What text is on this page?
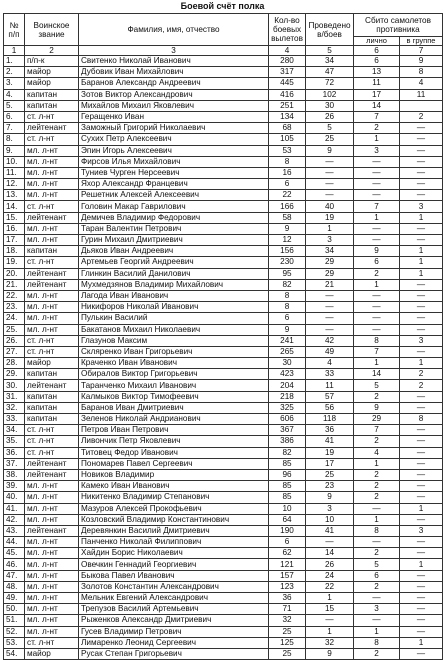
Боевой счёт полка
№ п/п	Воинское звание	Фамилия, имя, отчество	Кол-во боевых вылетов	Проведено в/боев	Сбито самолетов противника	
					лично	в группе
1	2	3	4	5	6	7
1.	п/п-к	Свитенко Николай Иванович	280	34	6	9
2.	майор	Дубовик Иван Михайлович	317	47	13	8
3.	майор	Баранов Александр Андреевич	445	72	11	4
4.	капитан	Зотов Виктор Александрович	416	102	17	11
5.	капитан	Михайлов Михаил Яковлевич	251	30	14	
6.	ст. л-нт	Геращенко Иван	134	26	7	2
7.	лейтенант	Заможный Григорий Николаевич	68	5	2	—
8.	ст. л-нт	Сухих Петр Алексеевич	105	25	1	—
9.	мл. л-нт	Эпин Игорь Алексеевич	53	9	3	—
10.	мл. л-нт	Фирсов Илья Михайлович	8	—	—	—
11.	мл. л-нт	Туниев Чурген Нерсеевич	16	—	—	—
12.	мл. л-нт	Яхор Александр Францевич	6	—	—	—
13.	мл. л-нт	Решетник Алексей Алексеевич	22	—	—	—
14.	ст. л-нт	Головин Макар Гаврилович	166	40	7	3
15.	лейтенант	Демичев Владимир Федорович	58	19	1	1
16.	мл. л-нт	Таран Валентин Петрович	9	1	—	—
17.	мл. л-нт	Гурин Михаил Дмитриевич	12	3	—	—
18.	капитан	Дьяков Иван Андреевич	156	34	9	1
19.	ст. л-нт	Артемьев Георгий Андреевич	230	29	6	1
20.	лейтенант	Глинкин Василий Данилович	95	29	2	1
21.	лейтенант	Мухмедзянов Владимир Михайлович	82	21	1	—
22.	мл. л-нт	Лагода Иван Иванович	8	—	—	—
23.	мл. л-нт	Никифоров Николай Иванович	8	—	—	—
24.	мл. л-нт	Пулькин Василий	6	—	—	—
25.	мл. л-нт	Бакатанов Михаил Николаевич	9	—	—	—
26.	ст. л-нт	Глазунов Максим	241	42	8	3
27.	ст. л-нт	Скляренко Иван Григорьевич	265	49	7	—
28.	майор	Краченко Иван Иванович	30	4	1	1
29.	капитан	Обиралов Виктор Григорьевич	423	33	14	2
30.	лейтенант	Таранченко Михаил Иванович	204	11	5	2
31.	капитан	Калмыков Виктор Тимофеевич	218	57	2	—
32.	капитан	Баранов Иван Дмитриевич	325	56	9	—
33.	капитан	Зеленов Николай Андрианович	606	118	29	8
34.	ст. л-нт	Петров Иван Петрович	367	36	7	—
35.	ст. л-нт	Ливончик Петр Яковлевич	386	41	2	—
36.	ст. л-нт	Титовец Федор Иванович	82	19	4	—
37.	лейтенант	Пономарев Павел Сергеевич	85	17	1	—
38.	лейтенант	Новиков Владимир	96	25	2	—
39.	мл. л-нт	Камеко Иван Иванович	85	23	2	—
40.	мл. л-нт	Никитенко Владимир Степанович	85	9	2	—
41.	мл. л-нт	Мазуров Алексей Прокофьевич	10	3	—	1
42.	мл. л-нт	Козловский Владимир Константинович	64	10	1	—
43.	лейтенант	Деревянкин Василий Дмитриевич	190	41	8	3
44.	мл. л-нт	Панченко Николай Филиппович	6	—	—	—
45.	мл. л-нт	Хайдин Борис Николаевич	62	14	2	—
46.	мл. л-нт	Овечкин Геннадий Георгиевич	121	26	5	1
47.	мл. л-нт	Быкова Павел Иванович	157	24	6	—
48.	мл. л-нт	Золотов Константин Александрович	123	22	2	—
49.	мл. л-нт	Мельник Евгений Александрович	36	1	—	—
50.	мл. л-нт	Трепузов Василий Артемьевич	71	15	3	—
51.	мл. л-нт	Рыженков Александр Дмитриевич	32	—	—	—
52.	мл. л-нт	Гусев Владимир Петрович	25	1	1	—
53.	ст. л-нт	Лимаренко Леонид Сергеевич	125	32	8	1
54.	майор	Русак Степан Григорьевич	25	9	2	—
